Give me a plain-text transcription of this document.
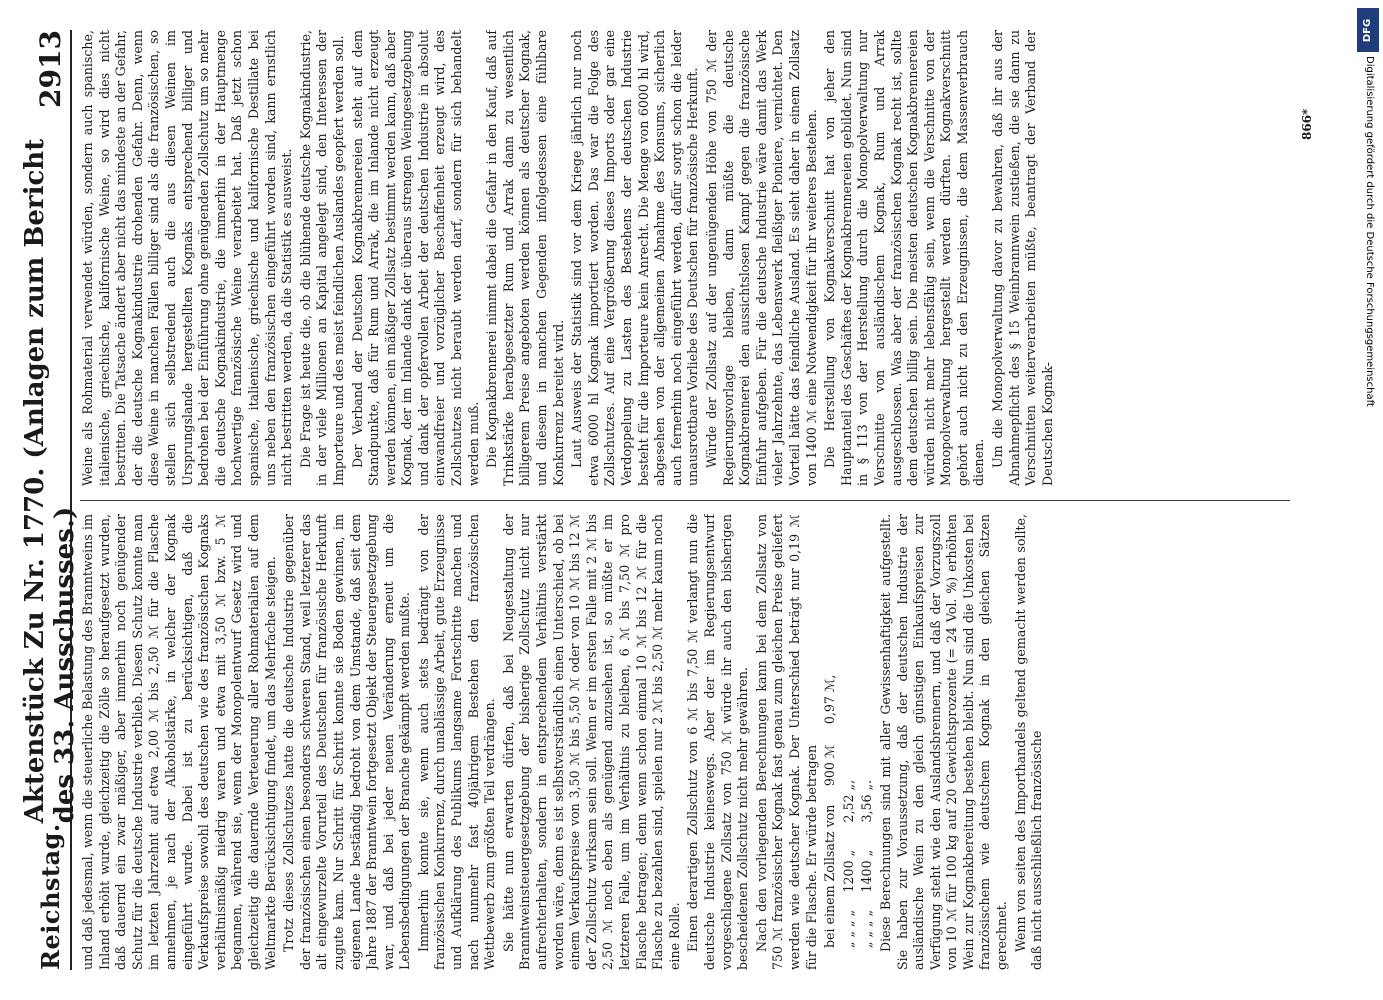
Reichstag.
Aktenstück Zu Nr. 1770. (Anlagen zum Bericht des 33. Ausschusses.)
2913

und daß jedesmal, wenn die steuerliche Belastung des Branntweins im Inland erhöht wurde, gleichzeitig die Zölle so heraufgesetzt wurden, daß dauernd ein zwar mäßiger, aber immerhin noch genügender Schutz für die deutsche Industrie verblieb. Diesen Schutz konnte man im letzten Jahrzehnt auf etwa 2,00 ℳ bis 2,50 ℳ für die Flasche annehmen, je nach der Alkoholstärke, in welcher der Kognak eingeführt wurde. Dabei ist zu berücksichtigen, daß die Verkaufspreise sowohl des deutschen wie des französischen Kognaks verhältnismäßig niedrig waren und etwa mit 3,50 ℳ bzw. 5 ℳ begannen, während sie, wenn der Monopolentwurf Gesetz wird und gleichzeitig die dauernde Verteuerung aller Rohmaterialien auf dem Weltmarkte Berücksichtigung findet, um das Mehrfache steigen. Trotz dieses Zollschutzes hatte die deutsche Industrie gegenüber der französischen einen besonders schweren Stand, weil letzterer das alt eingewurzelte Vorurteil des Deutschen für französische Herkunft zugute kam. Nur Schritt für Schritt konnte sie Boden gewinnen, im eigenen Lande beständig bedroht von dem Umstande, daß seit dem Jahre 1887 der Branntwein fortgesetzt Objekt der Steuergesetzgebung war, und daß bei jeder neuen Veränderung erneut um die Lebensbedingungen der Branche gekämpft werden mußte. Immerhin konnte sie, wenn auch stets bedrängt von der französischen Konkurrenz, durch unablässige Arbeit, gute Erzeugnisse und Aufklärung des Publikums langsame Fortschritte machen und nach nunmehr fast 40jährigem Bestehen den französischen Wettbewerb zum größten Teil verdrängen. Sie hätte nun erwarten dürfen, daß bei Neugestaltung der Branntweinsteuergesetzgebung der bisherige Zollschutz nicht nur aufrechterhalten, sondern in entsprechendem Verhältnis verstärkt worden wäre, denn es ist selbstverständlich einen Unterschied, ob bei einem Verkaufspreise von 3,50 ℳ bis 5,50 ℳ oder von 10 ℳ bis 12 ℳ der Zollschutz wirksam sein soll. Wenn er im ersten Falle mit 2 ℳ bis 2,50 ℳ noch eben als genügend anzusehen ist, so müßte er im letzteren Falle, um im Verhältnis zu bleiben, 6 ℳ bis 7,50 ℳ pro Flasche betragen; denn wenn schon einmal 10 ℳ bis 12 ℳ für die Flasche zu bezahlen sind, spielen nur 2 ℳ bis 2,50 ℳ mehr kaum noch eine Rolle. Einen derartigen Zollschutz von 6 ℳ bis 7,50 ℳ verlangt nun die deutsche Industrie keineswegs. Aber der im Regierungsentwurf vorgeschlagene Zollsatz von 750 ℳ würde ihr auch den bisherigen bescheidenen Zollschutz nicht mehr gewähren. Nach den vorliegenden Berechnungen kann bei dem Zollsatz von 750 ℳ französischer Kognak fast genau zum gleichen Preise geliefert werden wie deutscher Kognak. Der Unterschied beträgt nur 0,19 ℳ für die Flasche. Er würde betragen bei einem Zollsatz von
900 ℳ
0,97 ℳ,
„ „ „ „
1200 „
2,52 „,
„ „ „ „
1400 „
3,56 „. Diese Berechnungen sind mit aller Gewissenhaftigkeit aufgestellt. Sie haben zur Voraussetzung, daß der deutschen Industrie der ausländische Wein zu den gleich günstigen Einkaufspreisen zur Verfügung steht wie den Auslandsbrennern, und daß der Vorzugszoll von 10 ℳ für 100 kg auf 20 Gewichtsprozente (= 24 Vol. %) erhöhten Wein zur Kognakbereitung bestehen bleibt. Nun sind die Unkosten bei französischem wie deutschem Kognak in den gleichen Sätzen gerechnet. Wenn von seiten des Importhandels geltend gemacht werden sollte, daß nicht ausschließlich französische

Weine als Rohmaterial verwendet würden, sondern auch spanische, italienische, griechische, kalifornische Weine, so wird dies nicht bestritten. Die Tatsache ändert aber nicht das mindeste an der Gefahr, der die deutsche Kognakindustrie drohenden Gefahr. Denn, wenn diese Weine in manchen Fällen billiger sind als die französischen, so stellen sich selbstredend auch die aus diesen Weinen im Ursprungslande hergestellten Kognaks entsprechend billiger und bedrohen bei der Einführung ohne genügenden Zollschutz um so mehr die deutsche Kognakindustrie, die immerhin in der Hauptmenge hochwertige französische Weine verarbeitet hat. Daß jetzt schon spanische, italienische, griechische und kalifornische Destillate bei uns neben den französischen eingeführt worden sind, kann ernstlich nicht bestritten werden, da die Statistik es ausweist. Die Frage ist heute die, ob die blühende deutsche Kognakindustrie, in der viele Millionen an Kapital angelegt sind, den Interessen der Importeure und des meist feindlichen Auslandes geopfert werden soll. Der Verband der Deutschen Kognakbrennereien steht auf dem Standpunkte, daß für Rum und Arrak, die im Inlande nicht erzeugt werden können, ein mäßiger Zollsatz bestimmt werden kann, daß aber Kognak, der im Inlande dank der überaus strengen Weingesetzgebung und dank der opfervollen Arbeit der deutschen Industrie in absolut einwandfreier und vorzüglicher Beschaffenheit erzeugt wird, des Zollschutzes nicht beraubt werden darf, sondern für sich behandelt werden muß. Die Kognakbrennerei nimmt dabei die Gefahr in den Kauf, daß auf Trinkstärke herabgesetzter Rum und Arrak dann zu wesentlich billigerem Preise angeboten werden können als deutscher Kognak, und diesem in manchen Gegenden infolgedessen eine fühlbare Konkurrenz bereitet wird. Laut Ausweis der Statistik sind vor dem Kriege jährlich nur noch etwa 6000 hl Kognak importiert worden. Das war die Folge des Zollschutzes. Auf eine Vergrößerung dieses Imports oder gar eine Verdoppelung zu Lasten des Bestehens der deutschen Industrie besteht für die Importeure kein Anrecht. Die Menge von 6000 hl wird, abgesehen von der allgemeinen Abnahme des Konsums, sicherlich auch fernerhin noch eingeführt werden, dafür sorgt schon die leider unausrottbare Vorliebe des Deutschen für französische Herkunft. Würde der Zollsatz auf der ungenügenden Höhe von 750 ℳ der Regierungsvorlage bleiben, dann müßte die deutsche Kognakbrennerei den aussichtslosen Kampf gegen die französische Einfuhr aufgeben. Für die deutsche Industrie wäre damit das Werk vieler Jahrzehnte, das Lebenswerk fleißiger Pioniere, vernichtet. Den Vorteil hätte das feindliche Ausland. Es sieht daher in einem Zollsatz von 1400 ℳ eine Notwendigkeit für ihr weiteres Bestehen. Die Herstellung von Kognakverschnitt hat von jeher den Hauptanteil des Geschäftes der Kognakbrennereien gebildet. Nun sind in § 113 von der Herstellung durch die Monopolverwaltung nur Verschnitte von ausländischem Kognak, Rum und Arrak ausgeschlossen. Was aber der französischen Kognak recht ist, sollte dem deutschen billig sein. Die meisten deutschen Kognakbrennereien würden nicht mehr lebensfähig sein, wenn die Verschnitte von der Monopolverwaltung hergestellt werden dürften. Kognakverschnitt gehört auch nicht zu den Erzeugnissen, die dem Massenverbrauch dienen. Um die Monopolverwaltung davor zu bewahren, daß ihr aus der Abnahmepflicht des § 15 Weinbrannwein zustießen, die sie dann zu Verschnitten weiterverarbeiten müßte, beantragt der Verband der Deutschen Kognak-

866*
DFG
Digitalisierung gefördert durch die Deutsche Forschungsgemeinschaft
